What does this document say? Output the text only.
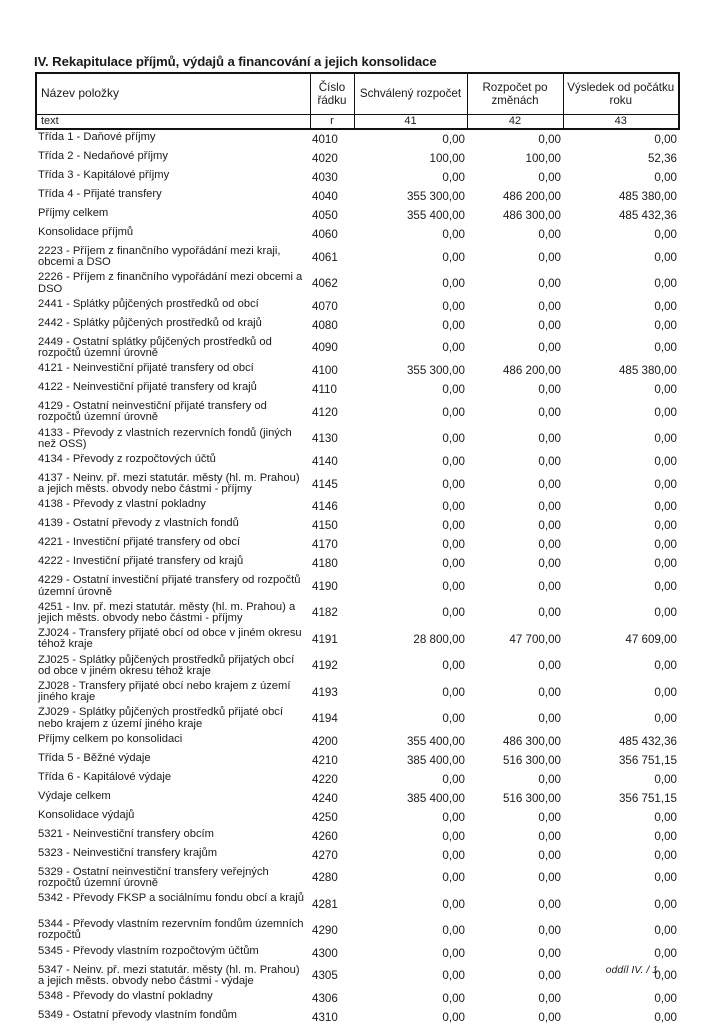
IV. Rekapitulace příjmů, výdajů a financování a jejich konsolidace
Název položky	Číslo řádku	Schválený rozpočet	Rozpočet po změnách	Výsledek od počátku roku
text	r	41	42	43
Třída 1 - Daňové příjmy	4010	0,00	0,00	0,00
Třída 2 - Nedaňové příjmy	4020	100,00	100,00	52,36
Třída 3 - Kapitálové příjmy	4030	0,00	0,00	0,00
Třída 4 - Přijaté transfery	4040	355 300,00	486 200,00	485 380,00
Příjmy celkem	4050	355 400,00	486 300,00	485 432,36
Konsolidace příjmů	4060	0,00	0,00	0,00
2223 - Příjem z finančního vypořádání mezi kraji, obcemi a DSO	4061	0,00	0,00	0,00
2226 - Příjem z finančního vypořádání mezi obcemi a DSO	4062	0,00	0,00	0,00
2441 - Splátky půjčených prostředků od obcí	4070	0,00	0,00	0,00
2442 - Splátky půjčených prostředků od krajů	4080	0,00	0,00	0,00
2449 - Ostatní splátky půjčených prostředků od rozpočtů územní úrovně	4090	0,00	0,00	0,00
4121 - Neinvestiční přijaté transfery od obcí	4100	355 300,00	486 200,00	485 380,00
4122 - Neinvestiční přijaté transfery od krajů	4110	0,00	0,00	0,00
4129 - Ostatní neinvestiční přijaté transfery od rozpočtů územní úrovně	4120	0,00	0,00	0,00
4133 - Převody z vlastních rezervních fondů (jiných než OSS)	4130	0,00	0,00	0,00
4134 - Převody z rozpočtových účtů	4140	0,00	0,00	0,00
4137 - Neinv. př. mezi statutár. městy (hl. m. Prahou) a jejich městs. obvody nebo částmi - příjmy	4145	0,00	0,00	0,00
4138 - Převody z vlastní pokladny	4146	0,00	0,00	0,00
4139 - Ostatní převody z vlastních fondů	4150	0,00	0,00	0,00
4221 - Investiční přijaté transfery od obcí	4170	0,00	0,00	0,00
4222 - Investiční přijaté transfery od krajů	4180	0,00	0,00	0,00
4229 - Ostatní investiční přijaté transfery od rozpočtů územní úrovně	4190	0,00	0,00	0,00
4251 - Inv. př. mezi statutár. městy (hl. m. Prahou) a jejich městs. obvody nebo částmi - příjmy	4182	0,00	0,00	0,00
ZJ024 - Transfery přijaté obcí od obce v jiném okresu téhož kraje	4191	28 800,00	47 700,00	47 609,00
ZJ025 - Splátky půjčených prostředků přijatých obcí od obce v jiném okresu téhož kraje	4192	0,00	0,00	0,00
ZJ028 - Transfery přijaté obcí nebo krajem z území jiného kraje	4193	0,00	0,00	0,00
ZJ029 - Splátky půjčených prostředků přijaté obcí nebo krajem z území jiného kraje	4194	0,00	0,00	0,00
Příjmy celkem po konsolidaci	4200	355 400,00	486 300,00	485 432,36
Třída 5 - Běžné výdaje	4210	385 400,00	516 300,00	356 751,15
Třída 6 - Kapitálové výdaje	4220	0,00	0,00	0,00
Výdaje celkem	4240	385 400,00	516 300,00	356 751,15
Konsolidace výdajů	4250	0,00	0,00	0,00
5321 - Neinvestiční transfery obcím	4260	0,00	0,00	0,00
5323 - Neinvestiční transfery krajům	4270	0,00	0,00	0,00
5329 - Ostatní neinvestiční transfery veřejných rozpočtů územní úrovně	4280	0,00	0,00	0,00
5342 - Převody FKSP a sociálnímu fondu obcí a krajů	4281	0,00	0,00	0,00
5344 - Převody vlastním rezervním fondům územních rozpočtů	4290	0,00	0,00	0,00
5345 - Převody vlastním rozpočtovým účtům	4300	0,00	0,00	0,00
5347 - Neinv. př. mezi statutár. městy (hl. m. Prahou) a jejich městs. obvody nebo částmi - výdaje	4305	0,00	0,00	0,00
5348 - Převody do vlastní pokladny	4306	0,00	0,00	0,00
5349 - Ostatní převody vlastním fondům	4310	0,00	0,00	0,00
oddíl IV. / 1
